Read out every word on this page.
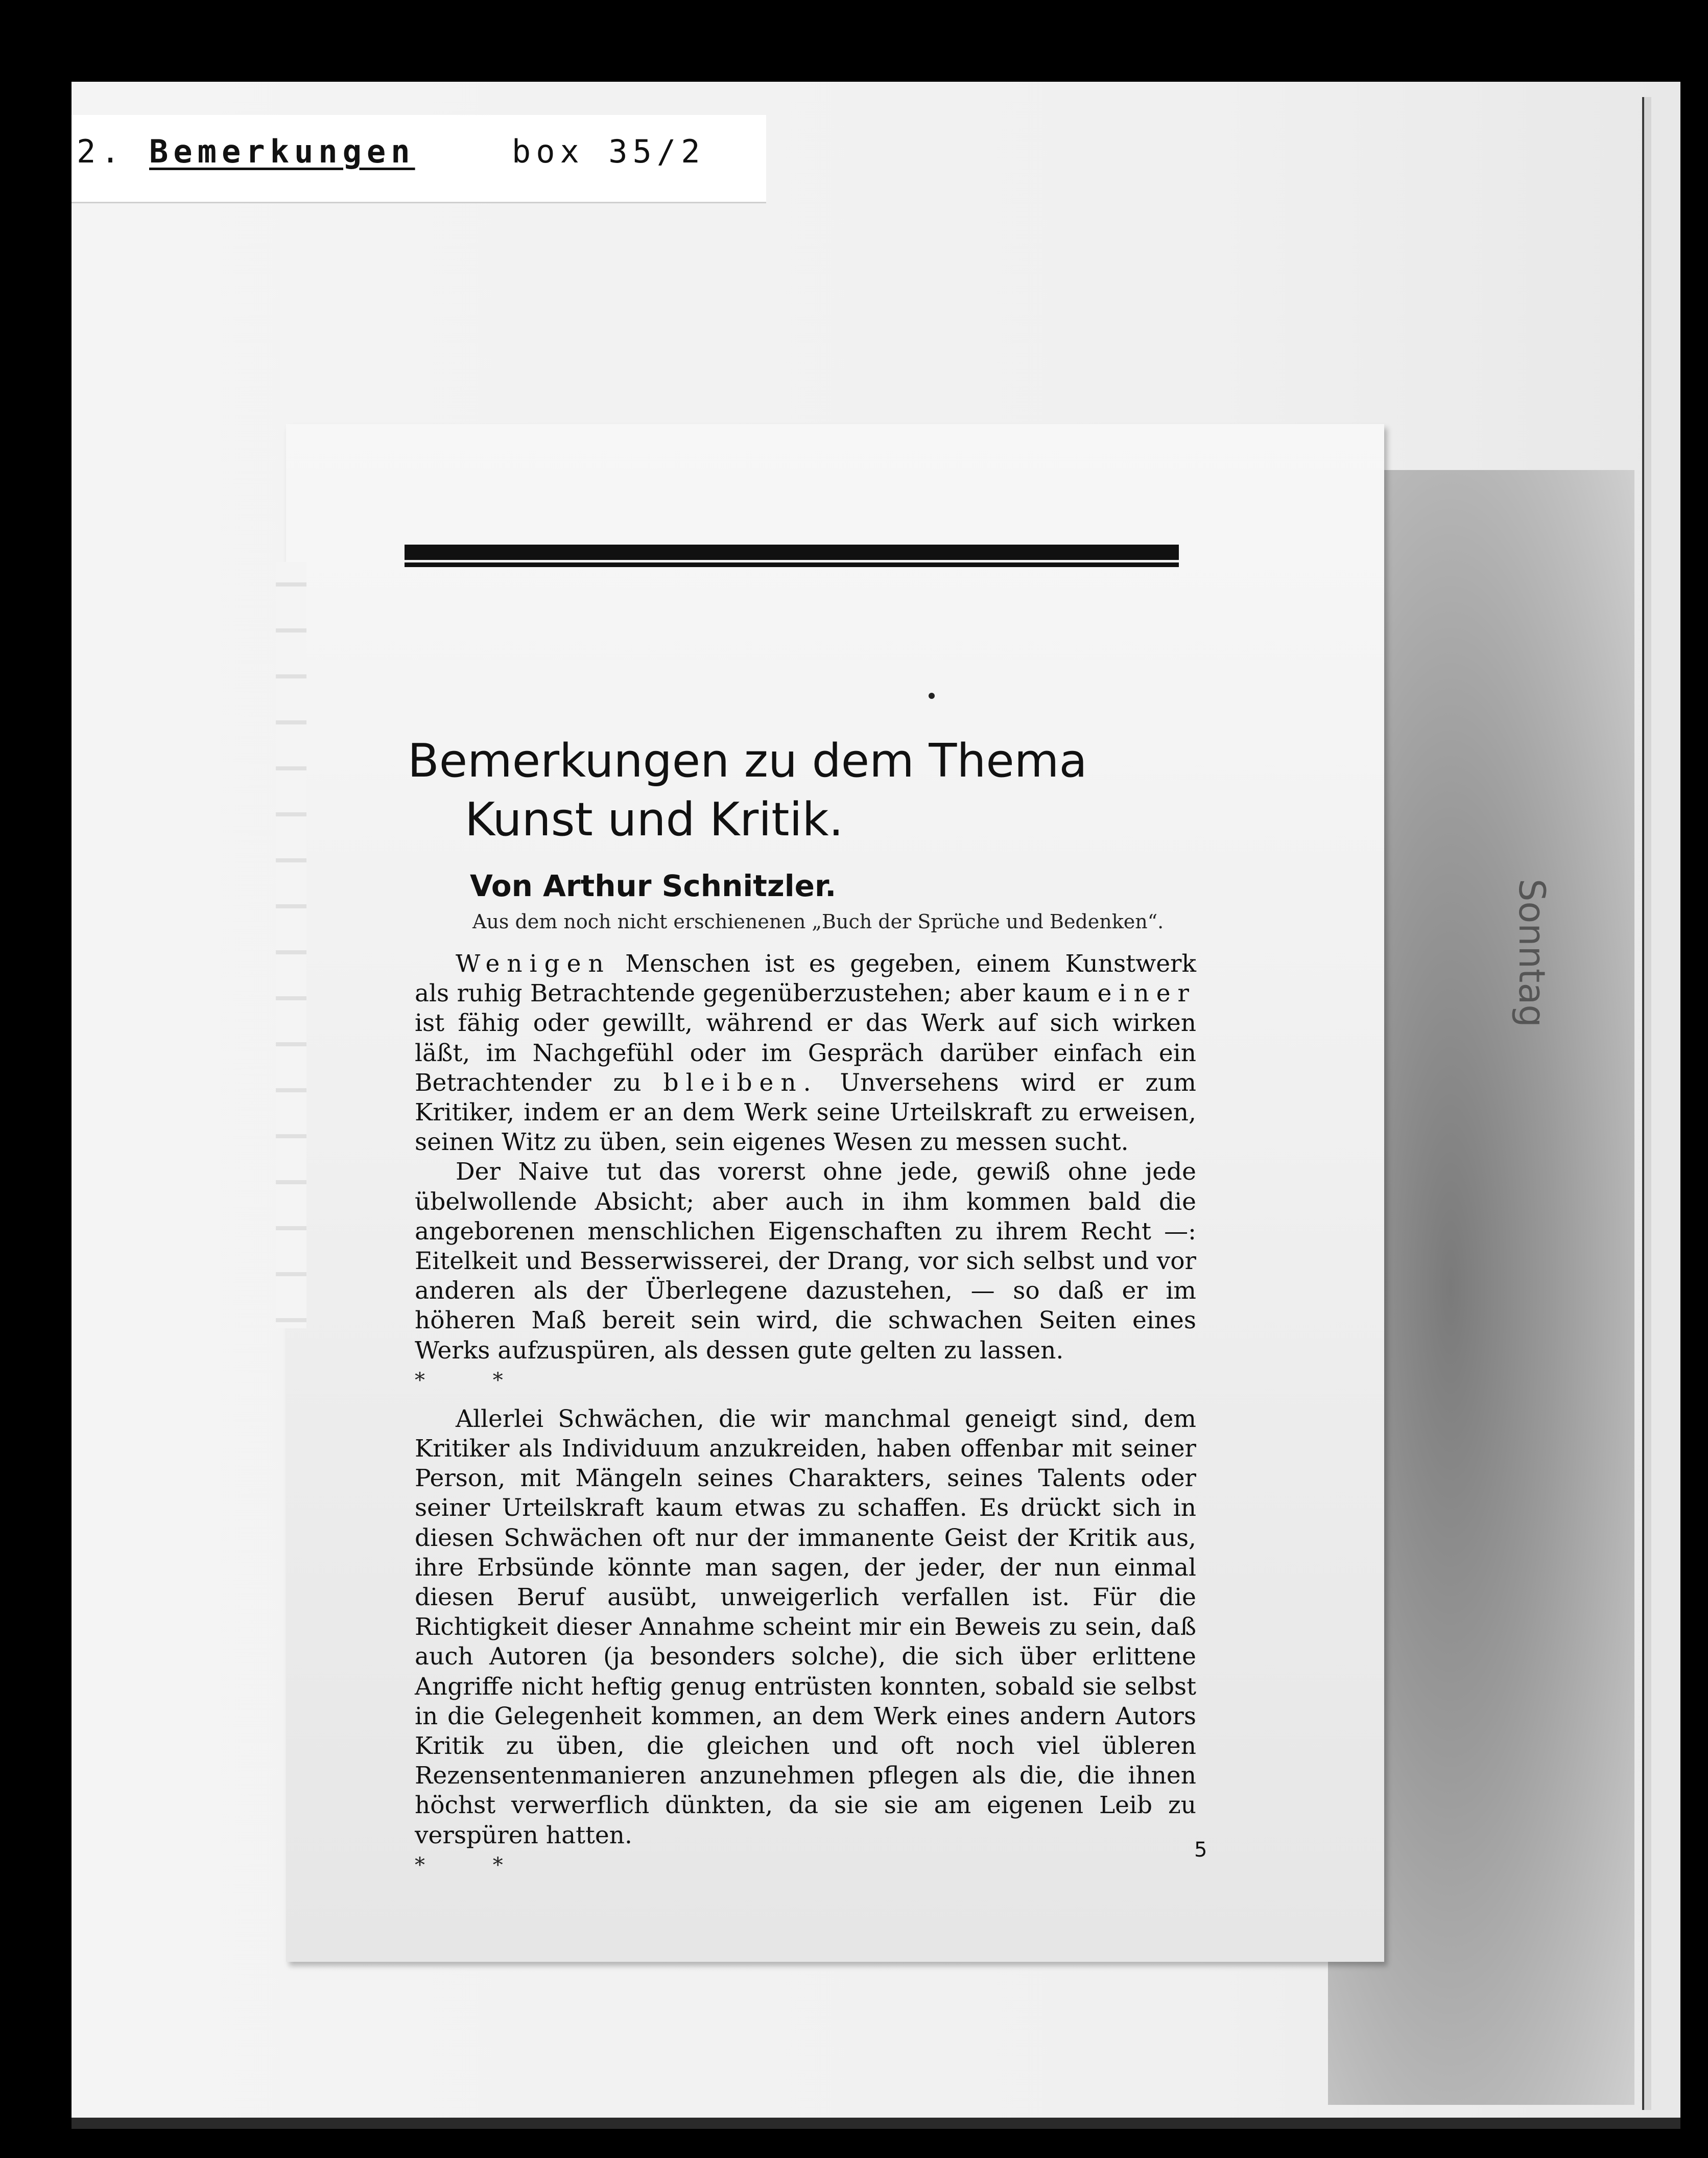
2. Bemerkungen	box 35/2
Sonntag
Bemerkungen zu dem Thema
Kunst und Kritik.
Von Arthur Schnitzler.
Aus dem noch nicht erschienenen „Buch der Sprüche und Bedenken“.

Wenigen Menschen ist es gegeben, einem Kunstwerk als ruhig Betrachtende gegenüberzustehen; aber kaum einer ist fähig oder gewillt, während er das Werk auf sich wirken läßt, im Nachgefühl oder im Gespräch darüber einfach ein Betrachtender zu bleiben. Unversehens wird er zum Kritiker, indem er an dem Werk seine Urteilskraft zu erweisen, seinen Witz zu üben, sein eigenes Wesen zu messen sucht.

Der Naive tut das vorerst ohne jede, gewiß ohne jede übelwollende Absicht; aber auch in ihm kommen bald die angeborenen menschlichen Eigenschaften zu ihrem Recht —: Eitelkeit und Besserwisserei, der Drang, vor sich selbst und vor anderen als der Überlegene dazustehen, — so daß er im höheren Maß bereit sein wird, die schwachen Seiten eines Werks aufzuspüren, als dessen gute gelten zu lassen.

* *

Allerlei Schwächen, die wir manchmal geneigt sind, dem Kritiker als Individuum anzukreiden, haben offenbar mit seiner Person, mit Mängeln seines Charakters, seines Talents oder seiner Urteilskraft kaum etwas zu schaffen. Es drückt sich in diesen Schwächen oft nur der immanente Geist der Kritik aus, ihre Erbsünde könnte man sagen, der jeder, der nun einmal diesen Beruf ausübt, unweigerlich verfallen ist. Für die Richtigkeit dieser Annahme scheint mir ein Beweis zu sein, daß auch Autoren (ja besonders solche), die sich über erlittene Angriffe nicht heftig genug entrüsten konnten, sobald sie selbst in die Gelegenheit kommen, an dem Werk eines andern Autors Kritik zu üben, die gleichen und oft noch viel übleren Rezensentenmanieren anzunehmen pflegen als die, die ihnen höchst verwerflich dünkten, da sie sie am eigenen Leib zu verspüren hatten.

* *

5
